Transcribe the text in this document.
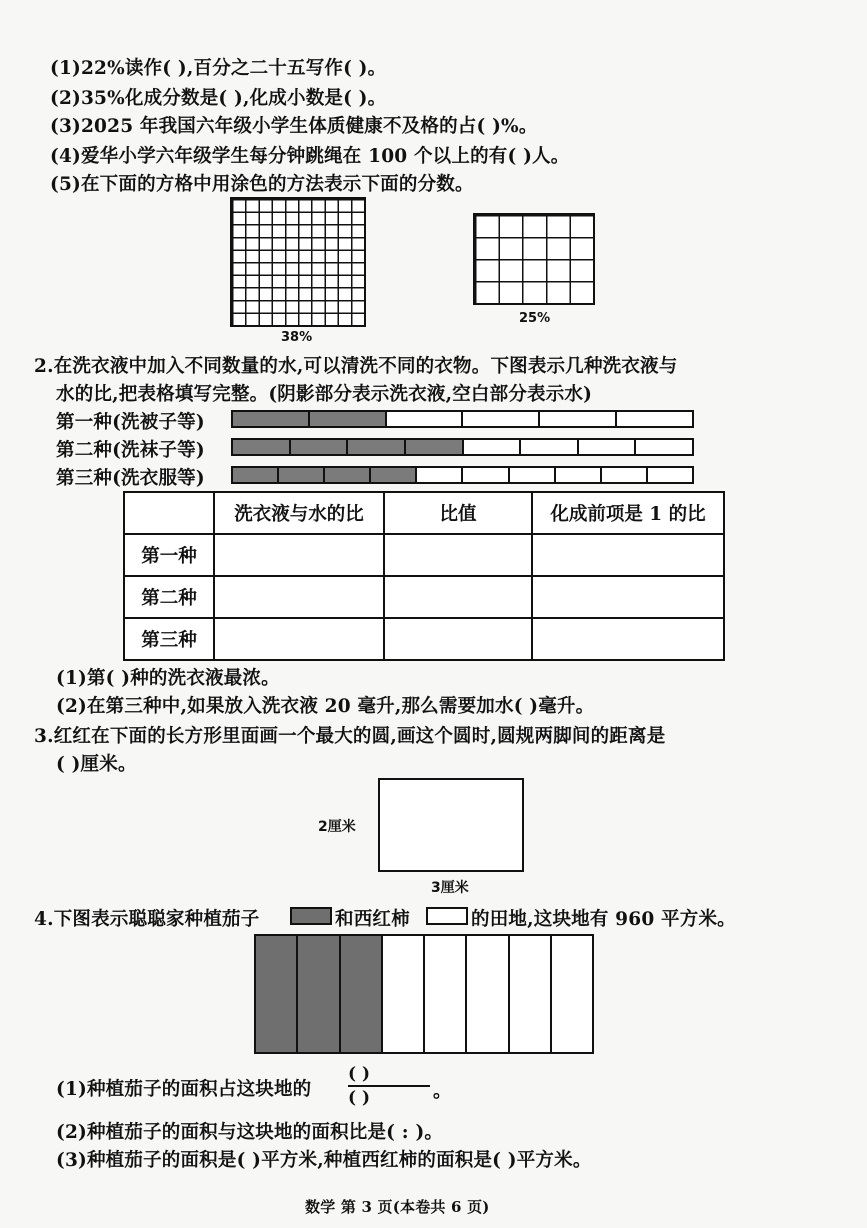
(1)22%读作( ),百分之二十五写作( )。
(2)35%化成分数是( ),化成小数是( )。
(3)2025 年我国六年级小学生体质健康不及格的占( )%。
(4)爱华小学六年级学生每分钟跳绳在 100 个以上的有( )人。
(5)在下面的方格中用涂色的方法表示下面的分数。
38%
25%
2.在洗衣液中加入不同数量的水,可以清洗不同的衣物。下图表示几种洗衣液与
水的比,把表格填写完整。(阴影部分表示洗衣液,空白部分表示水)
第一种(洗被子等)
第二种(洗袜子等)
第三种(洗衣服等)
	洗衣液与水的比	比值	化成前项是 1 的比
第一种			
第二种			
第三种			
(1)第( )种的洗衣液最浓。
(2)在第三种中,如果放入洗衣液 20 毫升,那么需要加水( )毫升。
3.红红在下面的长方形里面画一个最大的圆,画这个圆时,圆规两脚间的距离是
( )厘米。
2厘米
3厘米
4.下图表示聪聪家种植茄子	和西红柿	的田地,这块地有 960 平方米。
(1)种植茄子的面积占这块地的
( )
( )	。
(2)种植茄子的面积与这块地的面积比是( : )。
(3)种植茄子的面积是( )平方米,种植西红柿的面积是( )平方米。
数学 第 3 页(本卷共 6 页)
